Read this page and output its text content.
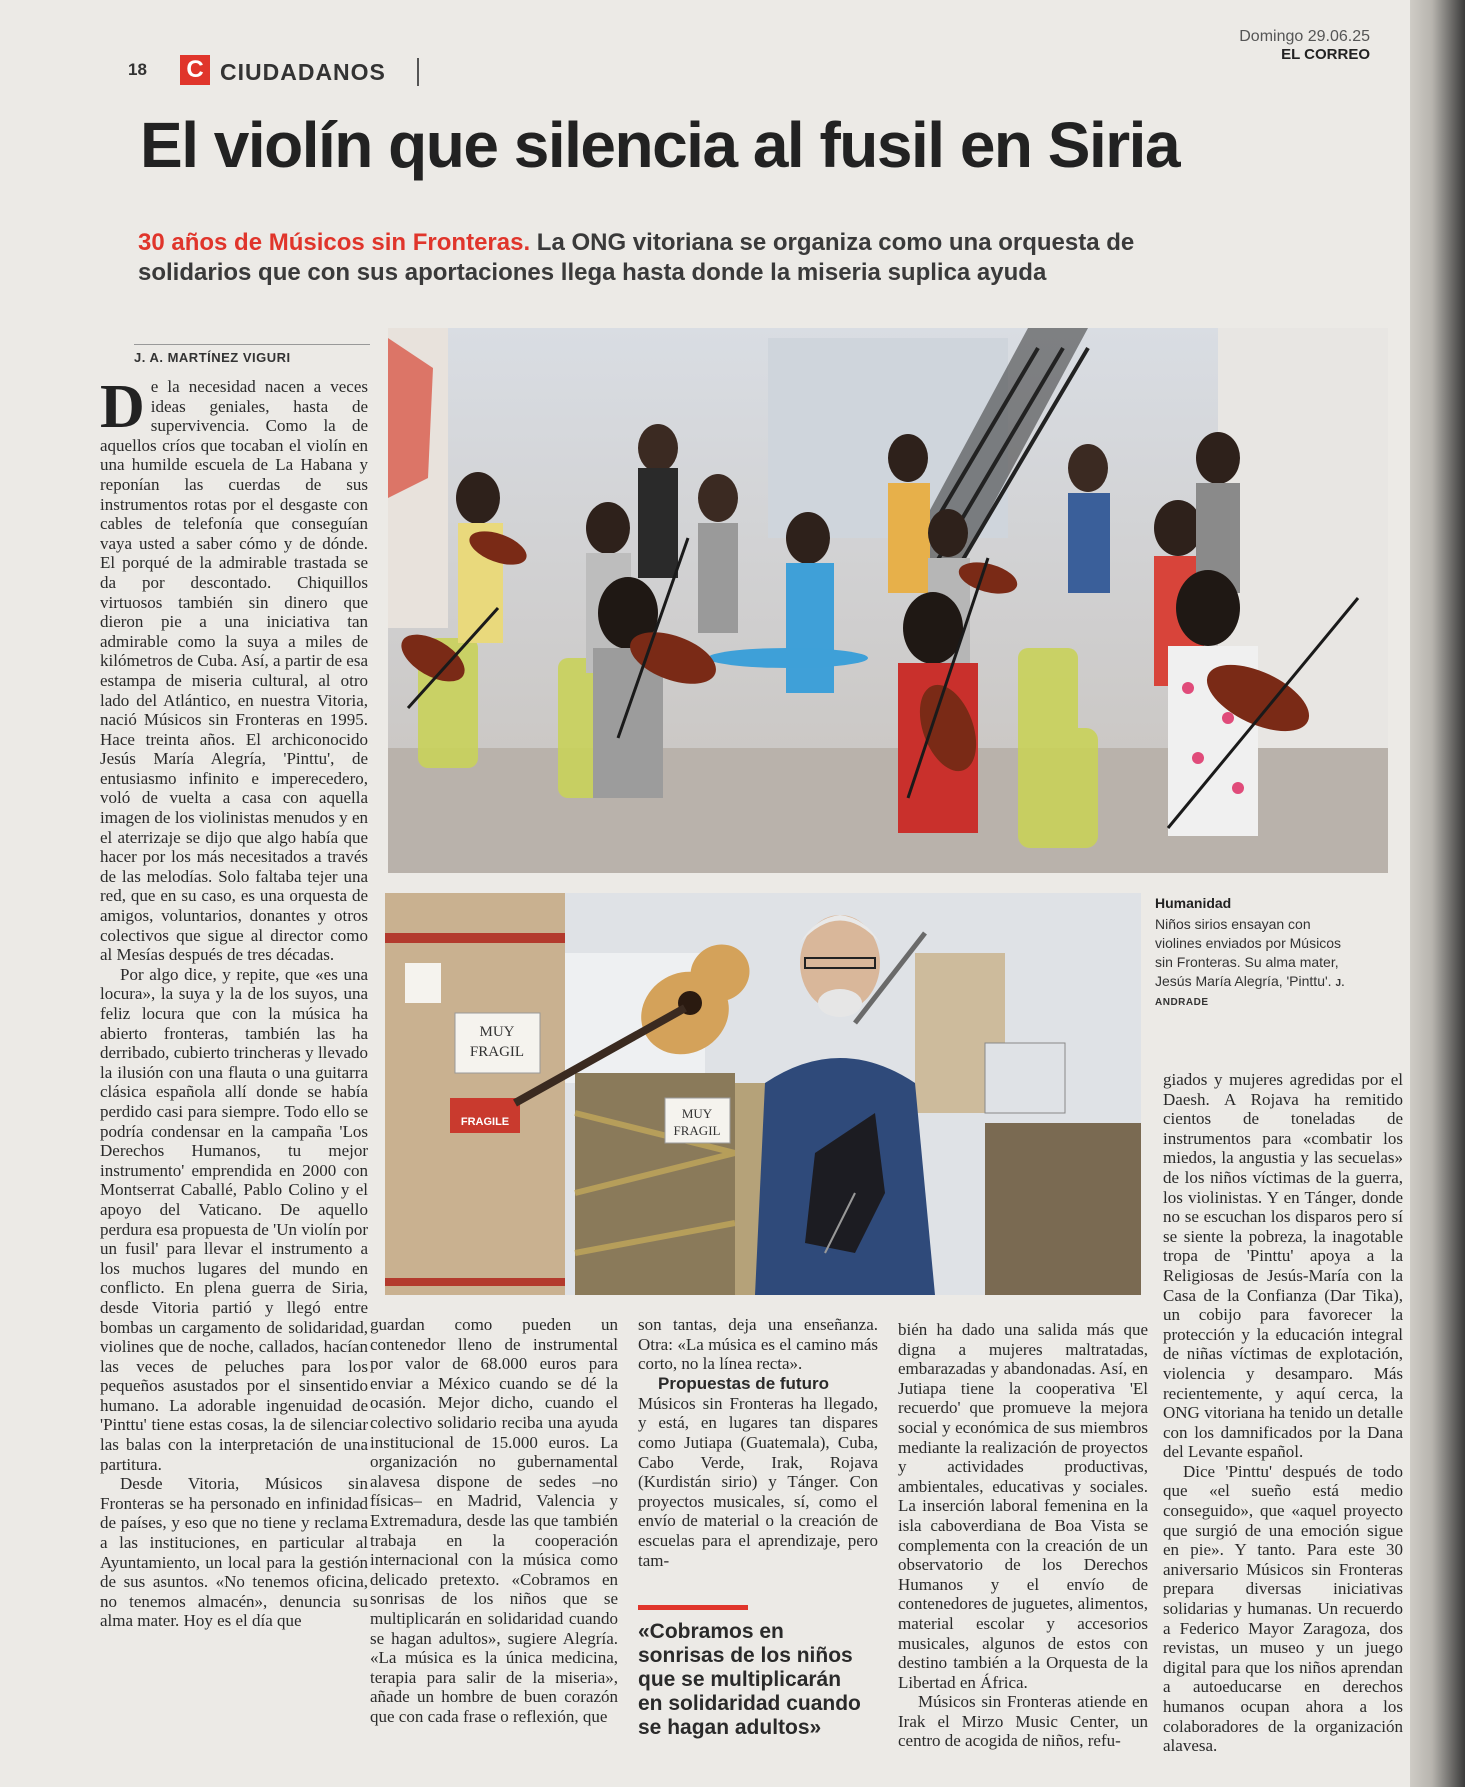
18 C CIUDADANOS
Domingo 29.06.25
EL CORREO
El violín que silencia al fusil en Siria
30 años de Músicos sin Fronteras. La ONG vitoriana se organiza como una orquesta de solidarios que con sus aportaciones llega hasta donde la miseria suplica ayuda
J. A. MARTÍNEZ VIGURI
MUY
FRAGIL
FRAGILE
MUY
FRAGIL
Humanidad
Niños sirios ensayan con violines enviados por Músicos sin Fronteras. Su alma mater, Jesús María Alegría, 'Pinttu'. J. ANDRADE

De la necesidad nacen a veces ideas geniales, hasta de supervivencia. Como la de aquellos críos que tocaban el violín en una humilde escuela de La Habana y reponían las cuerdas de sus instrumentos rotas por el desgaste con cables de telefonía que conseguían vaya usted a saber cómo y de dónde. El porqué de la admirable trastada se da por descontado. Chiquillos virtuosos también sin dinero que dieron pie a una iniciativa tan admirable como la suya a miles de kilómetros de Cuba. Así, a partir de esa estampa de miseria cultural, al otro lado del Atlántico, en nuestra Vitoria, nació Músicos sin Fronteras en 1995. Hace treinta años. El archiconocido Jesús María Alegría, 'Pinttu', de entusiasmo infinito e imperecedero, voló de vuelta a casa con aquella imagen de los violinistas menudos y en el aterrizaje se dijo que algo había que hacer por los más necesitados a través de las melodías. Solo faltaba tejer una red, que en su caso, es una orquesta de amigos, voluntarios, donantes y otros colectivos que sigue al director como al Mesías después de tres décadas.

Por algo dice, y repite, que «es una locura», la suya y la de los suyos, una feliz locura que con la música ha abierto fronteras, también las ha derribado, cubierto trincheras y llevado la ilusión con una flauta o una guitarra clásica española allí donde se había perdido casi para siempre. Todo ello se podría condensar en la campaña 'Los Derechos Humanos, tu mejor instrumento' emprendida en 2000 con Montserrat Caballé, Pablo Colino y el apoyo del Vaticano. De aquello perdura esa propuesta de 'Un violín por un fusil' para llevar el instrumento a los muchos lugares del mundo en conflicto. En plena guerra de Siria, desde Vitoria partió y llegó entre bombas un cargamento de solidaridad, violines que de noche, callados, hacían las veces de peluches para los pequeños asustados por el sinsentido humano. La adorable ingenuidad de 'Pinttu' tiene estas cosas, la de silenciar las balas con la interpretación de una partitura.

Desde Vitoria, Músicos sin Fronteras se ha personado en infinidad de países, y eso que no tiene y reclama a las instituciones, en particular al Ayuntamiento, un local para la gestión de sus asuntos. «No tenemos oficina, no tenemos almacén», denuncia su alma mater. Hoy es el día que

guardan como pueden un contenedor lleno de instrumental por valor de 68.000 euros para enviar a México cuando se dé la ocasión. Mejor dicho, cuando el colectivo solidario reciba una ayuda institucional de 15.000 euros. La organización no gubernamental alavesa dispone de sedes –no físicas– en Madrid, Valencia y Extremadura, desde las que también trabaja en la cooperación internacional con la música como delicado pretexto. «Cobramos en sonrisas de los niños que se multiplicarán en solidaridad cuando se hagan adultos», sugiere Alegría. «La música es la única medicina, terapia para salir de la miseria», añade un hombre de buen corazón que con cada frase o reflexión, que

son tantas, deja una enseñanza. Otra: «La música es el camino más corto, no la línea recta».

Propuestas de futuro

Músicos sin Fronteras ha llegado, y está, en lugares tan dispares como Jutiapa (Guatemala), Cuba, Cabo Verde, Irak, Rojava (Kurdistán sirio) y Tánger. Con proyectos musicales, sí, como el envío de material o la creación de escuelas para el aprendizaje, pero tam-

bién ha dado una salida más que digna a mujeres maltratadas, embarazadas y abandonadas. Así, en Jutiapa tiene la cooperativa 'El recuerdo' que promueve la mejora social y económica de sus miembros mediante la realización de proyectos y actividades productivas, ambientales, educativas y sociales. La inserción laboral femenina en la isla caboverdiana de Boa Vista se complementa con la creación de un observatorio de los Derechos Humanos y el envío de contenedores de juguetes, alimentos, material escolar y accesorios musicales, algunos de estos con destino también a la Orquesta de la Libertad en África.

Músicos sin Fronteras atiende en Irak el Mirzo Music Center, un centro de acogida de niños, refu-

giados y mujeres agredidas por el Daesh. A Rojava ha remitido cientos de toneladas de instrumentos para «combatir los miedos, la angustia y las secuelas» de los niños víctimas de la guerra, los violinistas. Y en Tánger, donde no se escuchan los disparos pero sí se siente la pobreza, la inagotable tropa de 'Pinttu' apoya a la Religiosas de Jesús-María con la Casa de la Confianza (Dar Tika), un cobijo para favorecer la protección y la educación integral de niñas víctimas de explotación, violencia y desamparo. Más recientemente, y aquí cerca, la ONG vitoriana ha tenido un detalle con los damnificados por la Dana del Levante español.

Dice 'Pinttu' después de todo que «el sueño está medio conseguido», que «aquel proyecto que surgió de una emoción sigue en pie». Y tanto. Para este 30 aniversario Músicos sin Fronteras prepara diversas iniciativas solidarias y humanas. Un recuerdo a Federico Mayor Zaragoza, dos revistas, un museo y un juego digital para que los niños aprendan a autoeducarse en derechos humanos ocupan ahora a los colaboradores de la organización alavesa.

«Cobramos en sonrisas de los niños que se multiplicarán en solidaridad cuando se hagan adultos»
